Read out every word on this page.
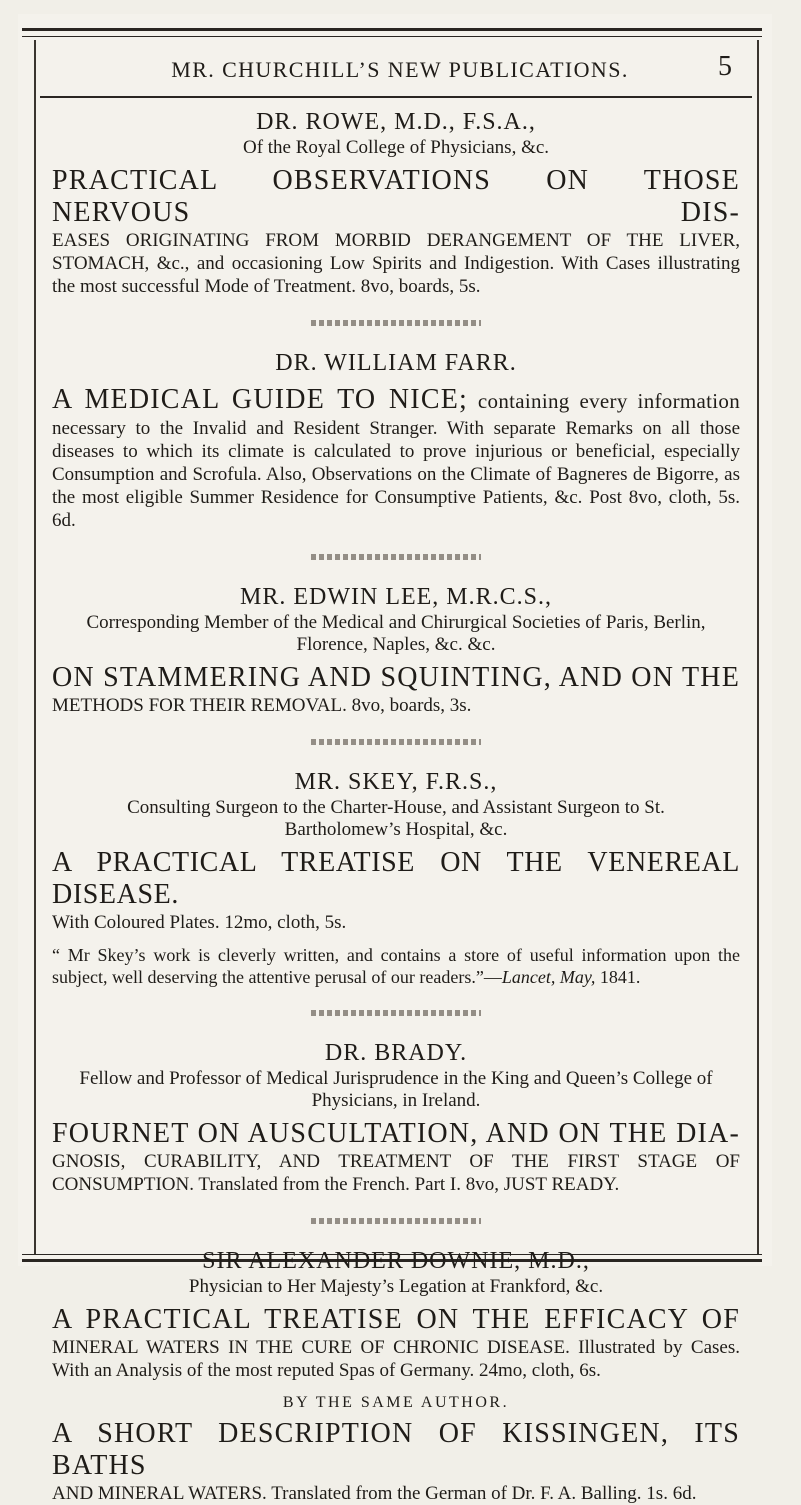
MR. CHURCHILL’S NEW PUBLICATIONS.	5

DR. ROWE, M.D., F.S.A.,

Of the Royal College of Physicians, &c.

PRACTICAL OBSERVATIONS ON THOSE NERVOUS DIS-

EASES ORIGINATING FROM MORBID DERANGEMENT OF THE LIVER, STOMACH, &c., and occasioning Low Spirits and Indigestion. With Cases illustrating the most successful Mode of Treatment. 8vo, boards, 5s.

DR. WILLIAM FARR.

A MEDICAL GUIDE TO NICE; containing every information

necessary to the Invalid and Resident Stranger. With separate Remarks on all those diseases to which its climate is calculated to prove injurious or beneficial, especially Consumption and Scrofula. Also, Observations on the Climate of Bagneres de Bigorre, as the most eligible Summer Residence for Consumptive Patients, &c. Post 8vo, cloth, 5s. 6d.

MR. EDWIN LEE, M.R.C.S.,

Corresponding Member of the Medical and Chirurgical Societies of Paris, Berlin, Florence, Naples, &c. &c.

ON STAMMERING AND SQUINTING, AND ON THE

METHODS FOR THEIR REMOVAL. 8vo, boards, 3s.

MR. SKEY, F.R.S.,

Consulting Surgeon to the Charter-House, and Assistant Surgeon to St. Bartholomew’s Hospital, &c.

A PRACTICAL TREATISE ON THE VENEREAL DISEASE.

With Coloured Plates. 12mo, cloth, 5s.

“ Mr Skey’s work is cleverly written, and contains a store of useful information upon the subject, well deserving the attentive perusal of our readers.”—Lancet, May, 1841.

DR. BRADY.

Fellow and Professor of Medical Jurisprudence in the King and Queen’s College of Physicians, in Ireland.

FOURNET ON AUSCULTATION, AND ON THE DIA-

GNOSIS, CURABILITY, AND TREATMENT OF THE FIRST STAGE OF CONSUMPTION. Translated from the French. Part I. 8vo, JUST READY.

SIR ALEXANDER DOWNIE, M.D.,

Physician to Her Majesty’s Legation at Frankford, &c.

A PRACTICAL TREATISE ON THE EFFICACY OF

MINERAL WATERS IN THE CURE OF CHRONIC DISEASE. Illustrated by Cases. With an Analysis of the most reputed Spas of Germany. 24mo, cloth, 6s.

BY THE SAME AUTHOR.

A SHORT DESCRIPTION OF KISSINGEN, ITS BATHS

AND MINERAL WATERS. Translated from the German of Dr. F. A. Balling. 1s. 6d.
